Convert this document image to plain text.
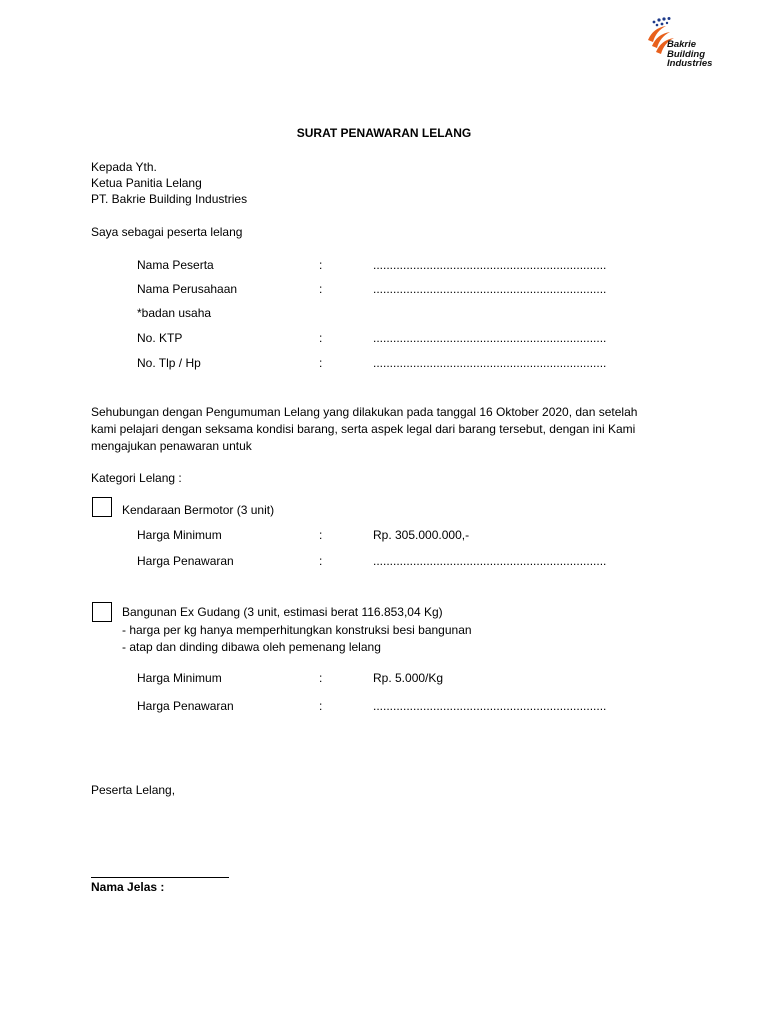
Bakrie
Building
Industries
SURAT PENAWARAN LELANG
Kepada Yth.
Ketua Panitia Lelang
PT. Bakrie Building Industries
Saya sebagai peserta lelang
Nama Peserta	:	......................................................................
Nama Perusahaan	:	......................................................................
*badan usaha
No. KTP	:	......................................................................
No. Tlp / Hp	:	......................................................................
Sehubungan dengan Pengumuman Lelang yang dilakukan pada tanggal 16 Oktober 2020, dan setelah
kami pelajari dengan seksama kondisi barang, serta aspek legal dari barang tersebut, dengan ini Kami
mengajukan penawaran untuk
Kategori Lelang :
Kendaraan Bermotor (3 unit)
Harga Minimum	:	Rp. 305.000.000,-
Harga Penawaran	:	......................................................................
Bangunan Ex Gudang (3 unit, estimasi berat 116.853,04 Kg)
- harga per kg hanya memperhitungkan konstruksi besi bangunan
- atap dan dinding dibawa oleh pemenang lelang
Harga Minimum	:	Rp. 5.000/Kg
Harga Penawaran	:	......................................................................
Peserta Lelang,
Nama Jelas :
